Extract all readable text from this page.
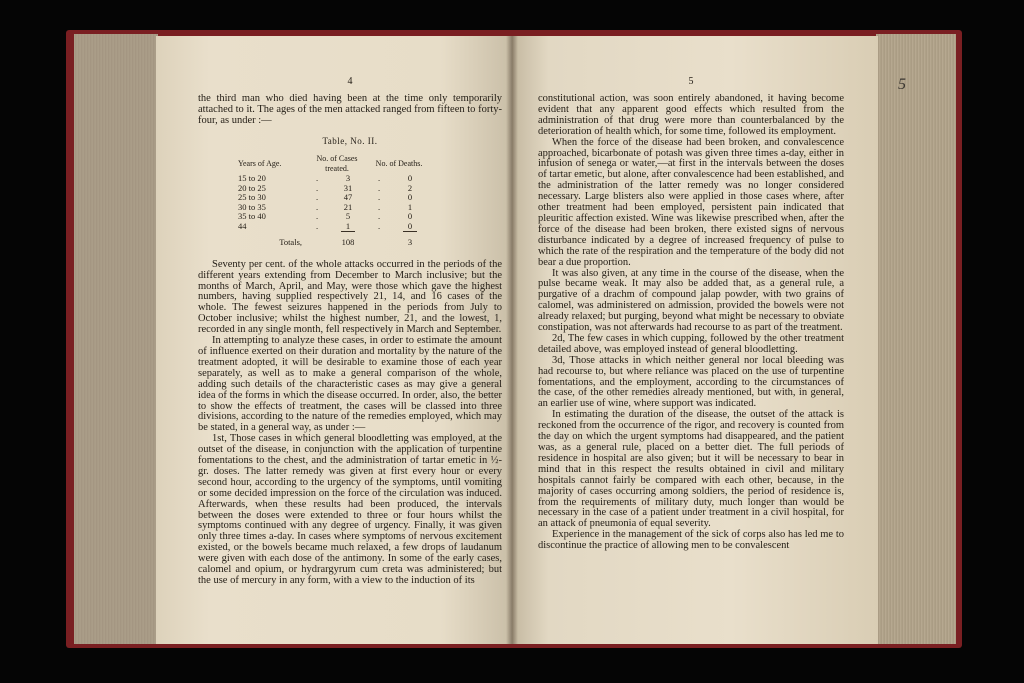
4

the third man who died having been at the time only temporarily attached to it. The ages of the men attacked ranged from fifteen to forty-four, as under :—

Table, No. II.
Years of Age.	No. of Cases treated.		No. of Deaths.	
15 to 20	.	3	.	0
20 to 25	.	31	.	2
25 to 30	.	47	.	0
30 to 35	.	21	.	1
35 to 40	.	5	.	0
44	.	1	.	0

Totals,		108		3

Seventy per cent. of the whole attacks occurred in the periods of the different years extending from December to March inclusive; but the months of March, April, and May, were those which gave the highest numbers, having supplied respectively 21, 14, and 16 cases of the whole. The fewest seizures happened in the periods from July to October inclusive; whilst the highest number, 21, and the lowest, 1, recorded in any single month, fell respectively in March and September.

In attempting to analyze these cases, in order to estimate the amount of influence exerted on their duration and mortality by the nature of the treatment adopted, it will be desirable to examine those of each year separately, as well as to make a general comparison of the whole, adding such details of the characteristic cases as may give a general idea of the forms in which the disease occurred. In order, also, the better to show the effects of treatment, the cases will be classed into three divisions, according to the nature of the remedies employed, which may be stated, in a general way, as under :—

1st, Those cases in which general bloodletting was employed, at the outset of the disease, in conjunction with the application of turpentine fomentations to the chest, and the administration of tartar emetic in ½-gr. doses. The latter remedy was given at first every hour or every second hour, according to the urgency of the symptoms, until vomiting or some decided impression on the force of the circulation was induced. Afterwards, when these results had been produced, the intervals between the doses were extended to three or four hours whilst the symptoms continued with any degree of urgency. Finally, it was given only three times a-day. In cases where symptoms of nervous excitement existed, or the bowels became much relaxed, a few drops of laudanum were given with each dose of the antimony. In some of the early cases, calomel and opium, or hydrargyrum cum creta was administered; but the use of mercury in any form, with a view to the induction of its

5

constitutional action, was soon entirely abandoned, it having become evident that any apparent good effects which resulted from the administration of that drug were more than counterbalanced by the deterioration of health which, for some time, followed its employment.

When the force of the disease had been broken, and convalescence approached, bicarbonate of potash was given three times a-day, either in infusion of senega or water,—at first in the intervals between the doses of tartar emetic, but alone, after convalescence had been established, and the administration of the latter remedy was no longer considered necessary. Large blisters also were applied in those cases where, after other treatment had been employed, persistent pain indicated that pleuritic affection existed. Wine was likewise prescribed when, after the force of the disease had been broken, there existed signs of nervous disturbance indicated by a degree of increased frequency of pulse to which the rate of the respiration and the temperature of the body did not bear a due proportion.

It was also given, at any time in the course of the disease, when the pulse became weak. It may also be added that, as a general rule, a purgative of a drachm of compound jalap powder, with two grains of calomel, was administered on admission, provided the bowels were not already relaxed; but purging, beyond what might be necessary to obviate constipation, was not afterwards had recourse to as part of the treatment.

2d, The few cases in which cupping, followed by the other treatment detailed above, was employed instead of general bloodletting.

3d, Those attacks in which neither general nor local bleeding was had recourse to, but where reliance was placed on the use of turpentine fomentations, and the employment, according to the circumstances of the case, of the other remedies already mentioned, but with, in general, an earlier use of wine, where support was indicated.

In estimating the duration of the disease, the outset of the attack is reckoned from the occurrence of the rigor, and recovery is counted from the day on which the urgent symptoms had disappeared, and the patient was, as a general rule, placed on a better diet. The full periods of residence in hospital are also given; but it will be necessary to bear in mind that in this respect the results obtained in civil and military hospitals cannot fairly be compared with each other, because, in the majority of cases occurring among soldiers, the period of residence is, from the requirements of military duty, much longer than would be necessary in the case of a patient under treatment in a civil hospital, for an attack of pneumonia of equal severity.

Experience in the management of the sick of corps also has led me to discontinue the practice of allowing men to be convalescent

5
